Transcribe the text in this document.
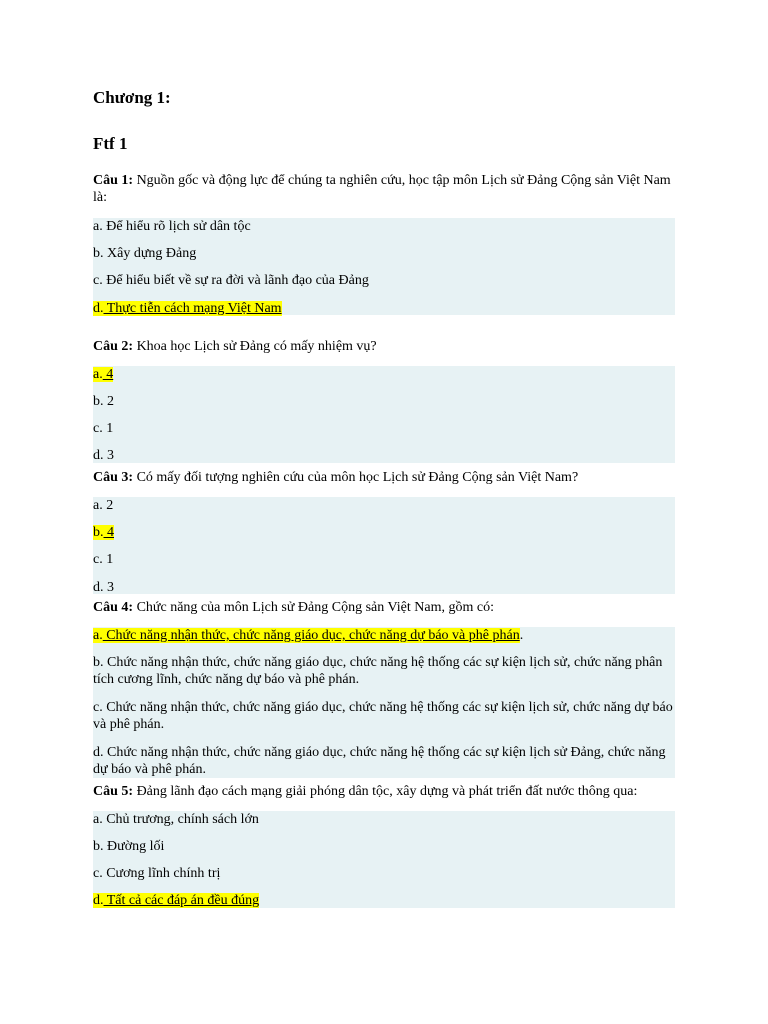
Chương 1:
Ftf 1
Câu 1: Nguồn gốc và động lực để chúng ta nghiên cứu, học tập môn Lịch sử Đảng Cộng sản Việt Nam là:
a. Để hiểu rõ lịch sử dân tộc
b. Xây dựng Đảng
c. Để hiểu biết về sự ra đời và lãnh đạo của Đảng
d. Thực tiễn cách mạng Việt Nam
Câu 2: Khoa học Lịch sử Đảng có mấy nhiệm vụ?
a. 4
b. 2
c. 1
d. 3
Câu 3: Có mấy đối tượng nghiên cứu của môn học Lịch sử Đảng Cộng sản Việt Nam?
a. 2
b. 4
c. 1
d. 3
Câu 4: Chức năng của môn Lịch sử Đảng Cộng sản Việt Nam, gồm có:
a. Chức năng nhận thức, chức năng giáo dục, chức năng dự báo và phê phán.
b. Chức năng nhận thức, chức năng giáo dục, chức năng hệ thống các sự kiện lịch sử, chức năng phân tích cương lĩnh, chức năng dự báo và phê phán.
c. Chức năng nhận thức, chức năng giáo dục, chức năng hệ thống các sự kiện lịch sử, chức năng dự báo và phê phán.
d. Chức năng nhận thức, chức năng giáo dục, chức năng hệ thống các sự kiện lịch sử Đảng, chức năng dự báo và phê phán.
Câu 5: Đảng lãnh đạo cách mạng giải phóng dân tộc, xây dựng và phát triển đất nước thông qua:
a. Chủ trương, chính sách lớn
b. Đường lối
c. Cương lĩnh chính trị
d. Tất cả các đáp án đều đúng
